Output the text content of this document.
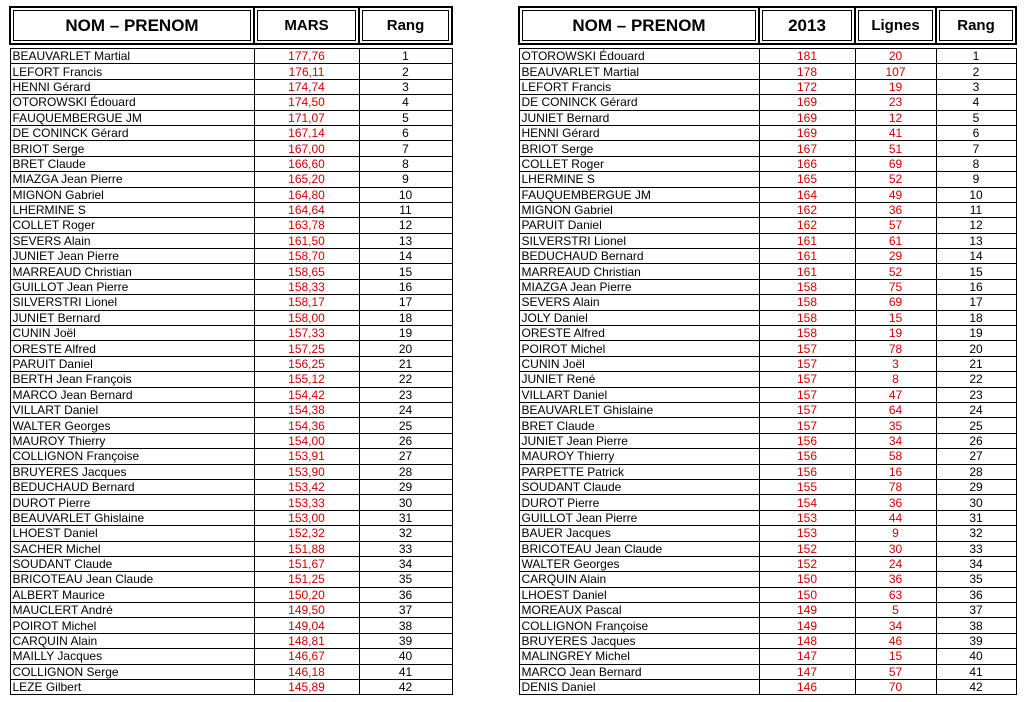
NOM – PRENOM	MARS	Rang

BEAUVARLET Martial	177,76	1
LEFORT Francis	176,11	2
HENNI Gérard	174,74	3
OTOROWSKI Édouard	174,50	4
FAUQUEMBERGUE JM	171,07	5
DE CONINCK Gérard	167,14	6
BRIOT Serge	167,00	7
BRET Claude	166,60	8
MIAZGA Jean Pierre	165,20	9
MIGNON Gabriel	164,80	10
LHERMINE S	164,64	11
COLLET Roger	163,78	12
SEVERS Alain	161,50	13
JUNIET Jean Pierre	158,70	14
MARREAUD Christian	158,65	15
GUILLOT Jean Pierre	158,33	16
SILVERSTRI Lionel	158,17	17
JUNIET Bernard	158,00	18
CUNIN Joël	157,33	19
ORESTE Alfred	157,25	20
PARUIT Daniel	156,25	21
BERTH Jean François	155,12	22
MARCO Jean Bernard	154,42	23
VILLART Daniel	154,38	24
WALTER Georges	154,36	25
MAUROY Thierry	154,00	26
COLLIGNON Françoise	153,91	27
BRUYERES Jacques	153,90	28
BEDUCHAUD Bernard	153,42	29
DUROT Pierre	153,33	30
BEAUVARLET Ghislaine	153,00	31
LHOEST Daniel	152,32	32
SACHER Michel	151,88	33
SOUDANT Claude	151,67	34
BRICOTEAU Jean Claude	151,25	35
ALBERT Maurice	150,20	36
MAUCLERT André	149,50	37
POIROT Michel	149,04	38
CARQUIN Alain	148,81	39
MAILLY Jacques	146,67	40
COLLIGNON Serge	146,18	41
LEZE Gilbert	145,89	42
NOM – PRENOM	2013	Lignes	Rang

OTOROWSKI Édouard	181	20	1
BEAUVARLET Martial	178	107	2
LEFORT Francis	172	19	3
DE CONINCK Gérard	169	23	4
JUNIET Bernard	169	12	5
HENNI Gérard	169	41	6
BRIOT Serge	167	51	7
COLLET Roger	166	69	8
LHERMINE S	165	52	9
FAUQUEMBERGUE JM	164	49	10
MIGNON Gabriel	162	36	11
PARUIT Daniel	162	57	12
SILVERSTRI Lionel	161	61	13
BEDUCHAUD Bernard	161	29	14
MARREAUD Christian	161	52	15
MIAZGA Jean Pierre	158	75	16
SEVERS Alain	158	69	17
JOLY Daniel	158	15	18
ORESTE Alfred	158	19	19
POIROT Michel	157	78	20
CUNIN Joël	157	3	21
JUNIET René	157	8	22
VILLART Daniel	157	47	23
BEAUVARLET Ghislaine	157	64	24
BRET Claude	157	35	25
JUNIET Jean Pierre	156	34	26
MAUROY Thierry	156	58	27
PARPETTE Patrick	156	16	28
SOUDANT Claude	155	78	29
DUROT Pierre	154	36	30
GUILLOT Jean Pierre	153	44	31
BAUER Jacques	153	9	32
BRICOTEAU Jean Claude	152	30	33
WALTER Georges	152	24	34
CARQUIN Alain	150	36	35
LHOEST Daniel	150	63	36
MOREAUX Pascal	149	5	37
COLLIGNON Françoise	149	34	38
BRUYERES Jacques	148	46	39
MALINGREY Michel	147	15	40
MARCO Jean Bernard	147	57	41
DENIS Daniel	146	70	42
